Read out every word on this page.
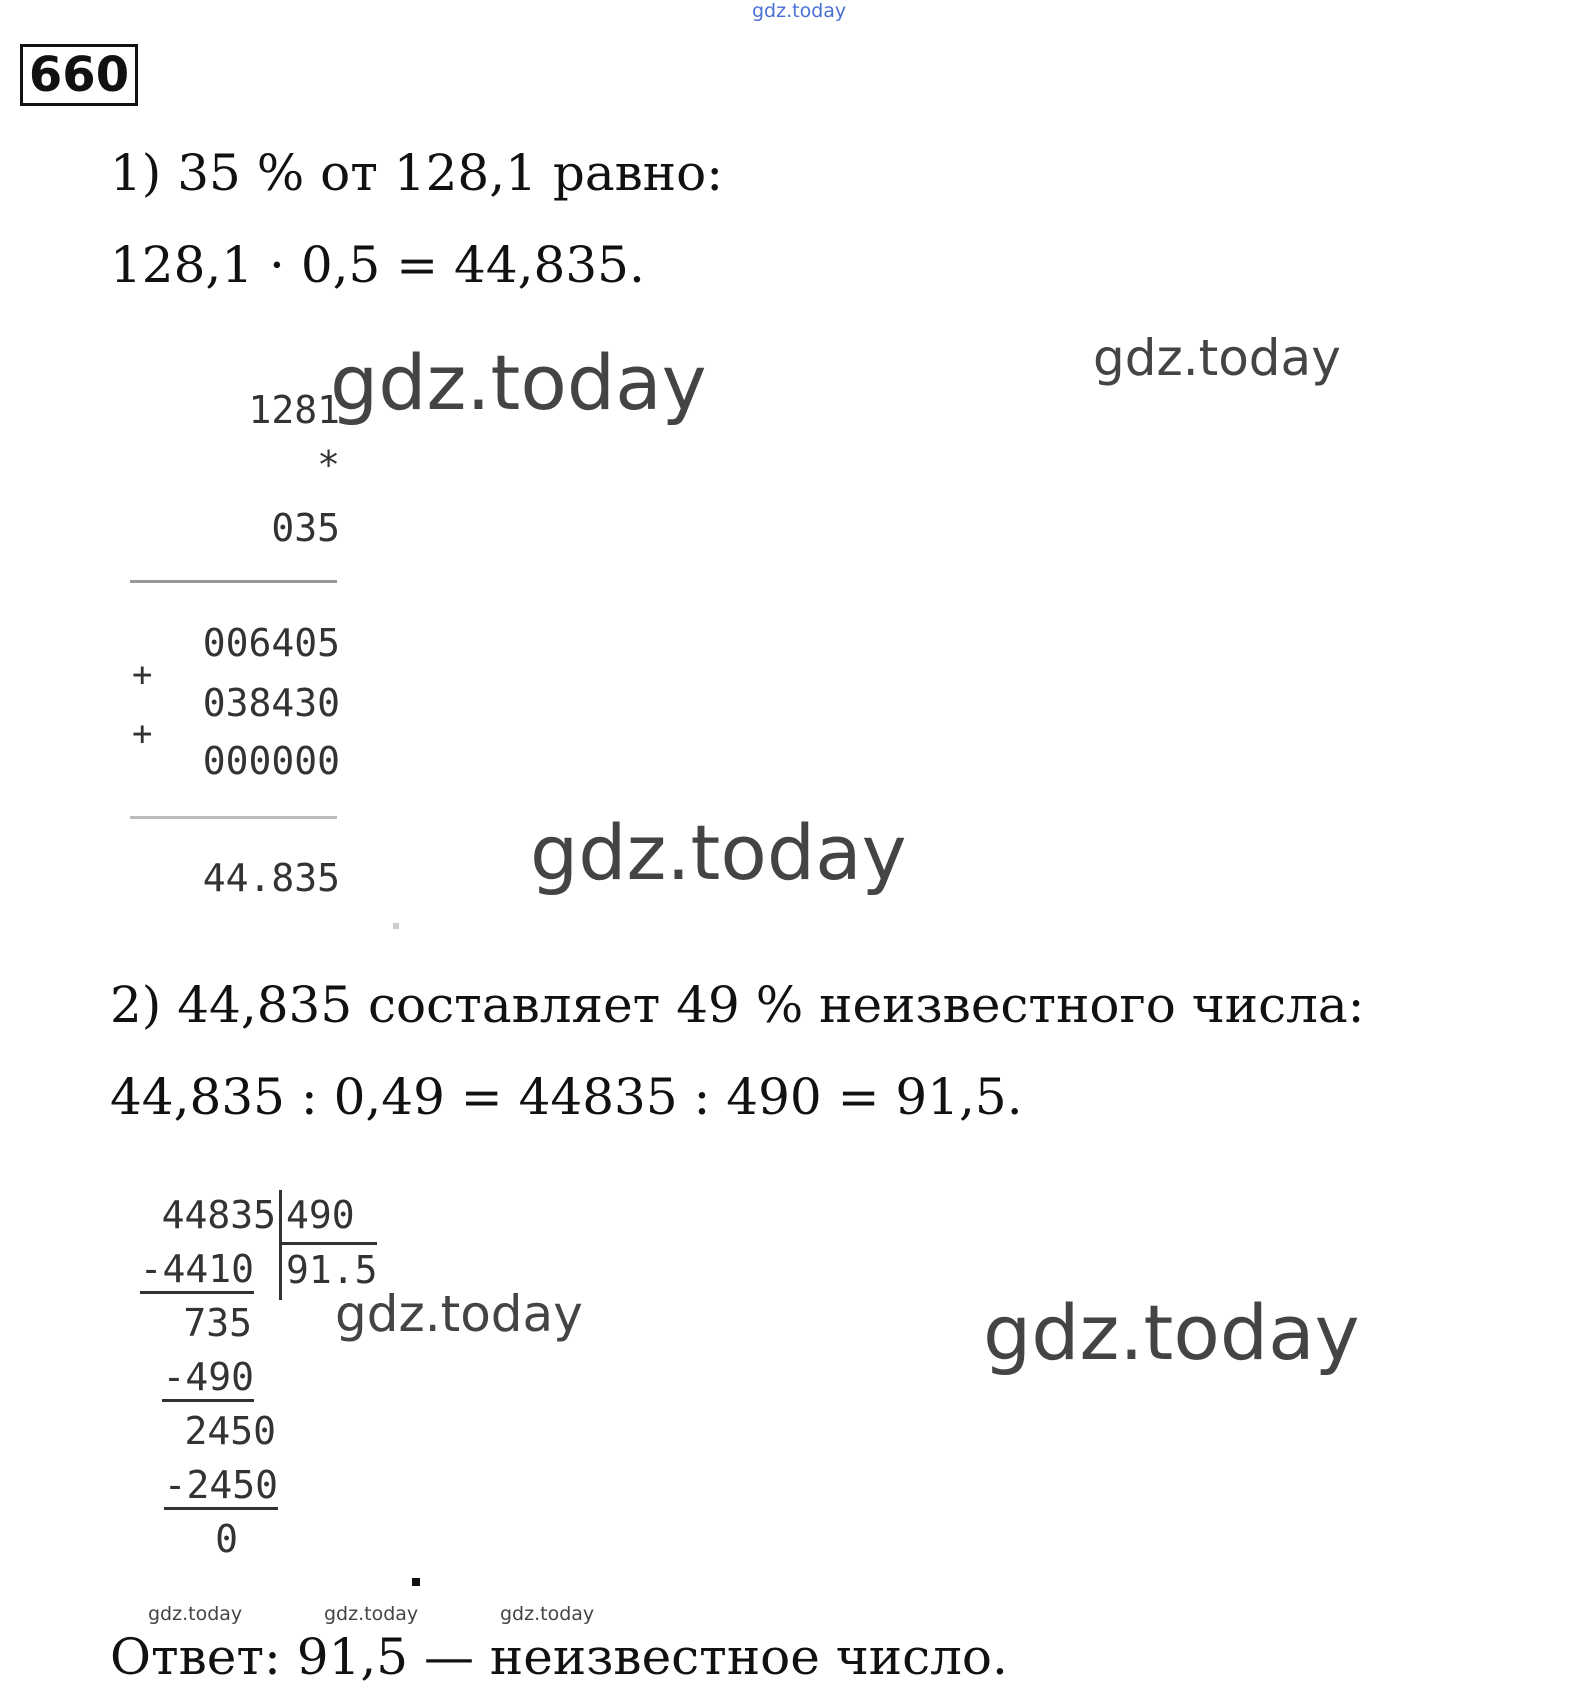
gdz.today
660
1) 35 % от 128,1 равно:
128,1 · 0,5 = 44,835.
gdz.today	gdz.today
1281
*
035
006405
+
038430
+
000000
44.835	gdz.today
2) 44,835 составляет 49 % неизвестного числа:
44,835 : 0,49 = 44835 : 490 = 91,5.
44835 490
91.5
-4410
735
-490
2450
-2450
0
gdz.today	gdz.today
gdz.today	gdz.today	gdz.today
Ответ: 91,5 — неизвестное число.
